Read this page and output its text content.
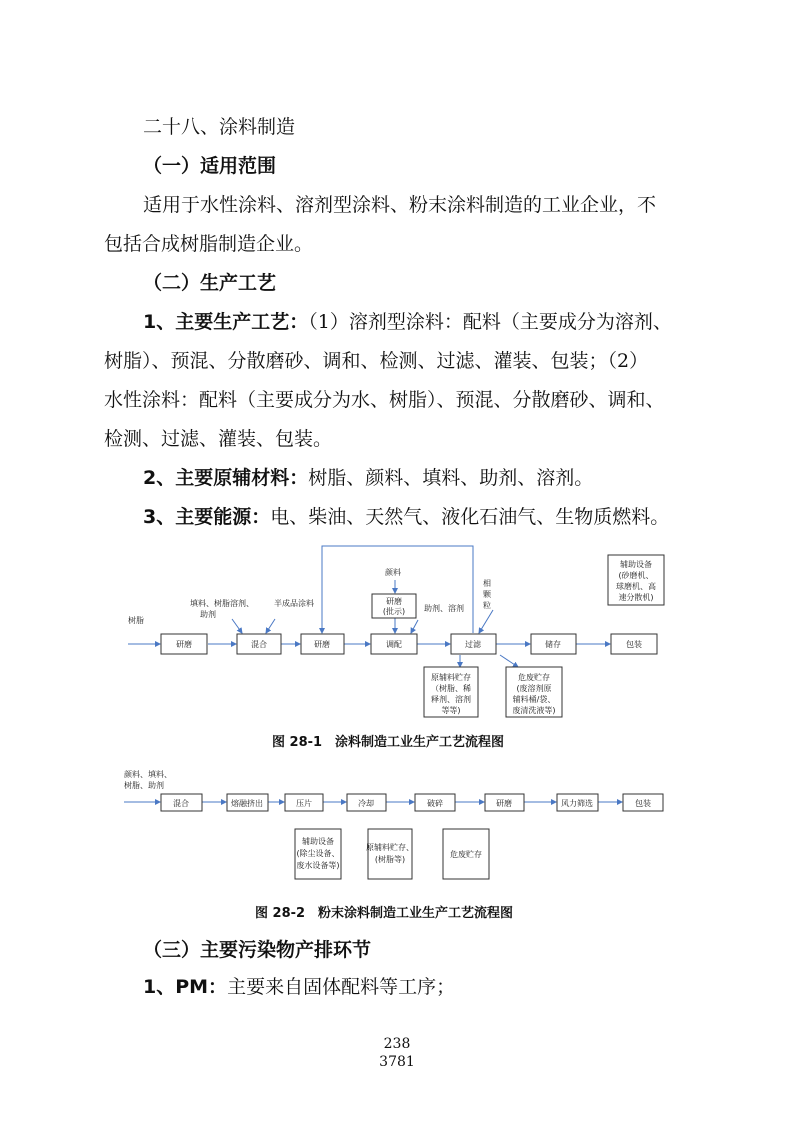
二十八、涂料制造
（一）适用范围

适用于水性涂料、溶剂型涂料、粉末涂料制造的工业企业，不

包括合成树脂制造企业。

（二）生产工艺

1、主要生产工艺：（1）溶剂型涂料：配料（主要成分为溶剂、

树脂）、预混、分散磨砂、调和、检测、过滤、灌装、包装；（2）

水性涂料：配料（主要成分为水、树脂）、预混、分散磨砂、调和、

检测、过滤、灌装、包装。

2、主要原辅材料：树脂、颜料、填料、助剂、溶剂。

3、主要能源：电、柴油、天然气、液化石油气、生物质燃料。

树脂
填料、树脂溶剂、
助剂
半成品涂料
颜料
助剂、溶剂
相
颗
粒
研磨	混合	研磨	调配	过滤	储存	包装
研磨
(批示)
辅助设备
(砂磨机、
球磨机、高
速分散机)
原辅料贮存
（树脂、稀
释剂、溶剂
等等)
危废贮存
(废溶剂原
辅料桶/袋、
废清洗液等)
图 28-1　涂料制造工业生产工艺流程图
颜料、填料、
树脂、助剂
混合	熔融挤出	压片	冷却	破碎	研磨	风力筛选	包装
辅助设备
(除尘设备、
废水设备等)
原辅料贮存、
(树脂等)
危废贮存
图 28-2　粉末涂料制造工业生产工艺流程图
（三）主要污染物产排环节

1、PM：主要来自固体配料等工序；

238
3781
